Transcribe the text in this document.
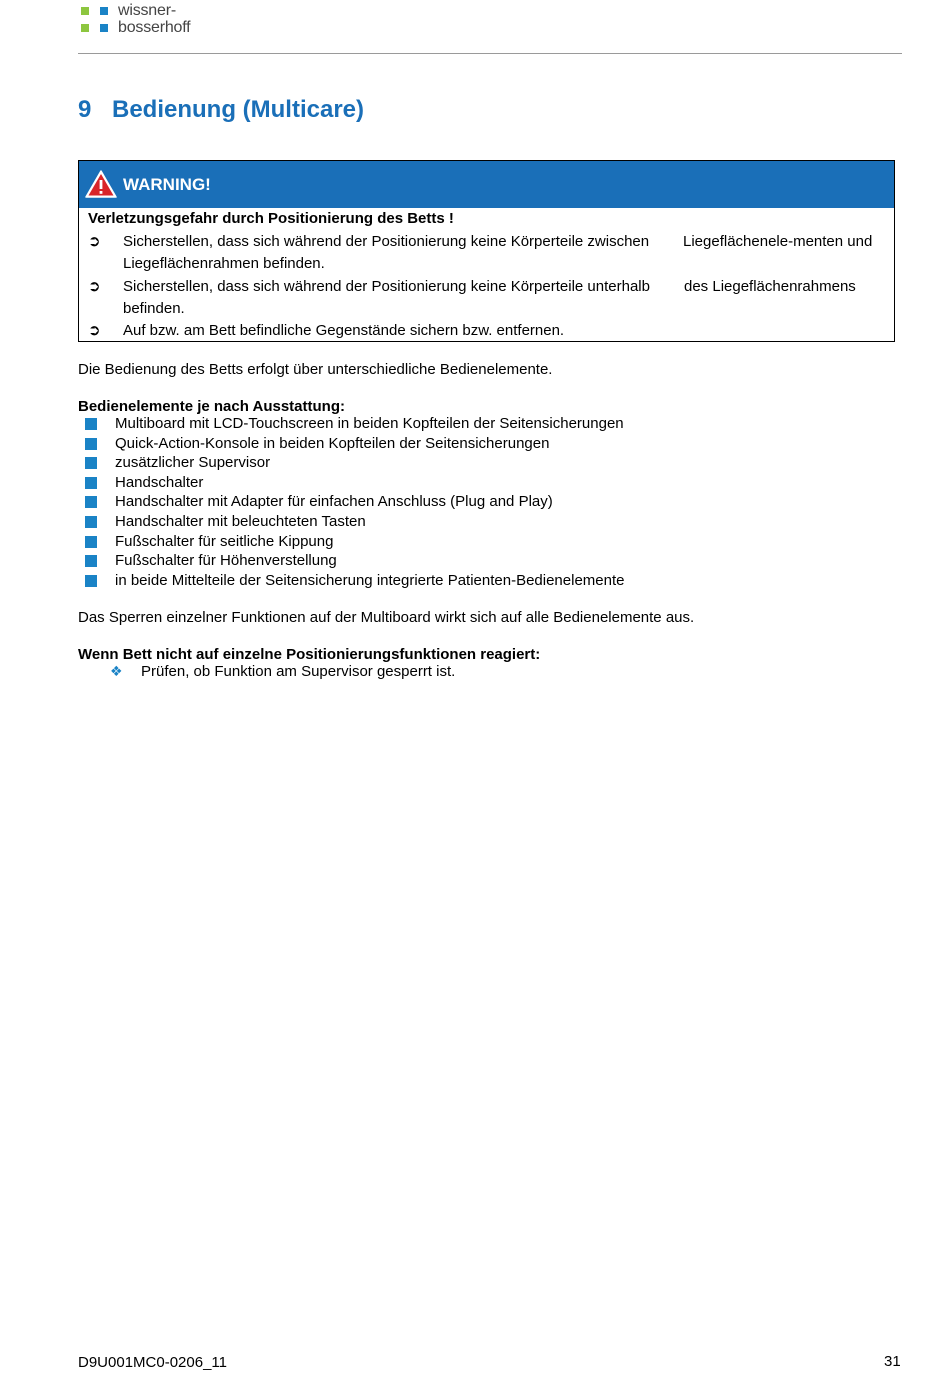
wissner-
bosserhoff
9 Bedienung (Multicare)
WARNING!
Verletzungsgefahr durch Positionierung des Betts !
➲	Sicherstellen, dass sich während der Positionierung keine Körperteile zwischen Liegeflächenele-menten und
Liegeflächenrahmen befinden.
➲	Sicherstellen, dass sich während der Positionierung keine Körperteile unterhalb des Liegeflächenrahmens
befinden.
➲	Auf bzw. am Bett befindliche Gegenstände sichern bzw. entfernen.
Die Bedienung des Betts erfolgt über unterschiedliche Bedienelemente.
Bedienelemente je nach Ausstattung:
Multiboard mit LCD-Touchscreen in beiden Kopfteilen der Seitensicherungen
Quick-Action-Konsole in beiden Kopfteilen der Seitensicherungen
zusätzlicher Supervisor
Handschalter
Handschalter mit Adapter für einfachen Anschluss (Plug and Play)
Handschalter mit beleuchteten Tasten
Fußschalter für seitliche Kippung
Fußschalter für Höhenverstellung
in beide Mittelteile der Seitensicherung integrierte Patienten-Bedienelemente
Das Sperren einzelner Funktionen auf der Multiboard wirkt sich auf alle Bedienelemente aus.
Wenn Bett nicht auf einzelne Positionierungsfunktionen reagiert:
❖ Prüfen, ob Funktion am Supervisor gesperrt ist.
D9U001MC0-0206_11	31
